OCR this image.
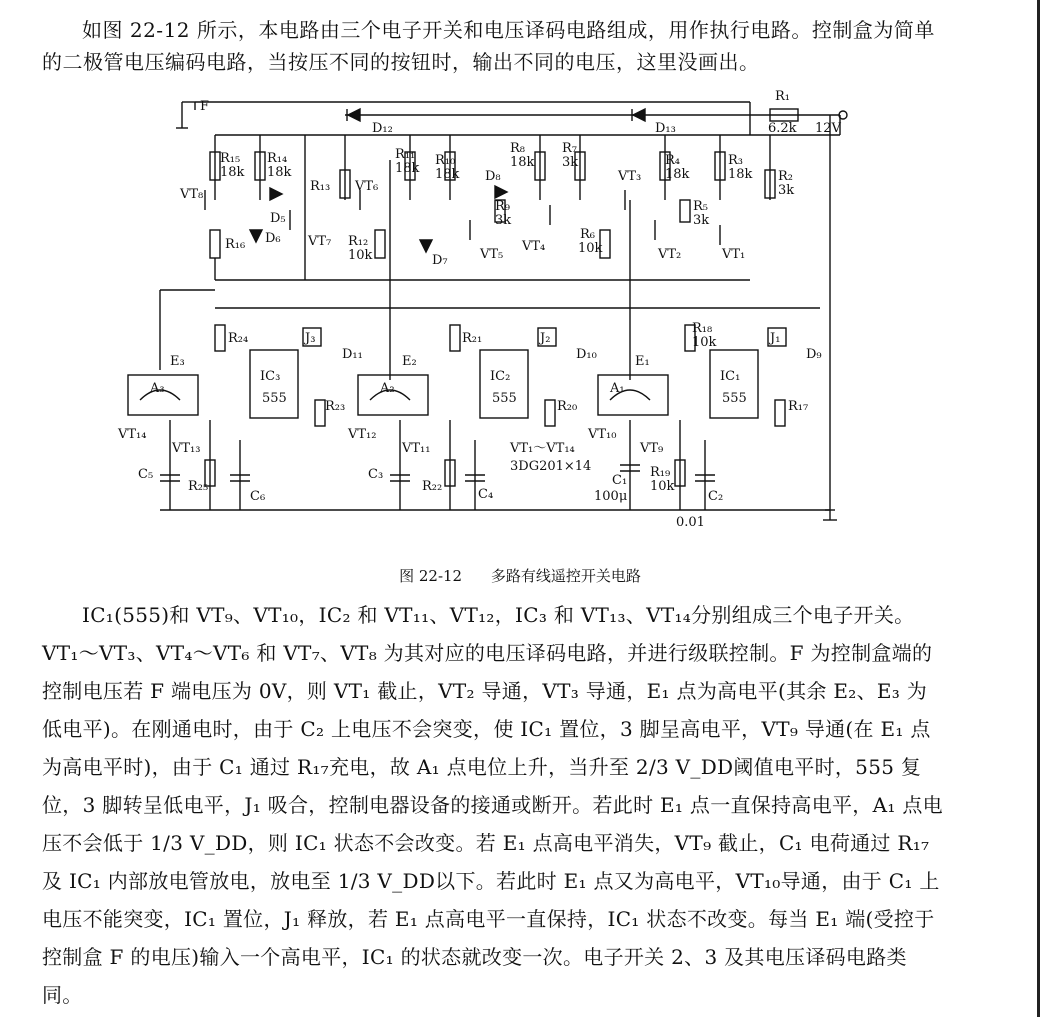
如图 22-12 所示，本电路由三个电子开关和电压译码电路组成，用作执行电路。控制盒为简单的二极管电压编码电路，当按压不同的按钮时，输出不同的电压，这里没画出。

F
R₁
6.2k 12V
D₁₂	D₁₃
R₁₅
18k
R₁₄
18k
R₁₃
VT₈
VT₇
VT₆
VT₅
VT₄
VT₃
VT₂	VT₁
D₅
D₆
D₇
D₈
R₁₆	R₁₂
10k
R₁₁
18k
R₁₀
18k
R₉
3k
R₈
18k
R₇
3k
R₆
10k
R₄
18k
R₅
3k
R₃
18k R₂
3k
R₂₄	R₂₁
R₁₈
10k
IC₃
555
IC₂
555
IC₁
555
J₃	J₂	J₁
D₁₁	D₁₀	D₉
E₃	E₂	E₁
A₃	A₂	A₁
VT₁₄
VT₁₃
VT₁₂
VT₁₁
VT₁₀
VT₉
R₂₃	R₂₀	R₁₇
C₅
R₂₅
C₆
C₃
R₂₂
C₄
C₁
100μ
R₁₉
10k
C₂
0.01
VT₁～VT₁₄
3DG201×14
图 22-12 多路有线遥控开关电路

IC₁(555)和 VT₉、VT₁₀，IC₂ 和 VT₁₁、VT₁₂，IC₃ 和 VT₁₃、VT₁₄分别组成三个电子开关。VT₁～VT₃、VT₄～VT₆ 和 VT₇、VT₈ 为其对应的电压译码电路，并进行级联控制。F 为控制盒端的控制电压若 F 端电压为 0V，则 VT₁ 截止，VT₂ 导通，VT₃ 导通，E₁ 点为高电平(其余 E₂、E₃ 为低电平)。在刚通电时，由于 C₂ 上电压不会突变，使 IC₁ 置位，3 脚呈高电平，VT₉ 导通(在 E₁ 点为高电平时)，由于 C₁ 通过 R₁₇充电，故 A₁ 点电位上升，当升至 2/3 V_DD阈值电平时，555 复位，3 脚转呈低电平，J₁ 吸合，控制电器设备的接通或断开。若此时 E₁ 点一直保持高电平，A₁ 点电压不会低于 1/3 V_DD，则 IC₁ 状态不会改变。若 E₁ 点高电平消失，VT₉ 截止，C₁ 电荷通过 R₁₇及 IC₁ 内部放电管放电，放电至 1/3 V_DD以下。若此时 E₁ 点又为高电平，VT₁₀导通，由于 C₁ 上电压不能突变，IC₁ 置位，J₁ 释放，若 E₁ 点高电平一直保持，IC₁ 状态不改变。每当 E₁ 端(受控于控制盒 F 的电压)输入一个高电平，IC₁ 的状态就改变一次。电子开关 2、3 及其电压译码电路类同。
